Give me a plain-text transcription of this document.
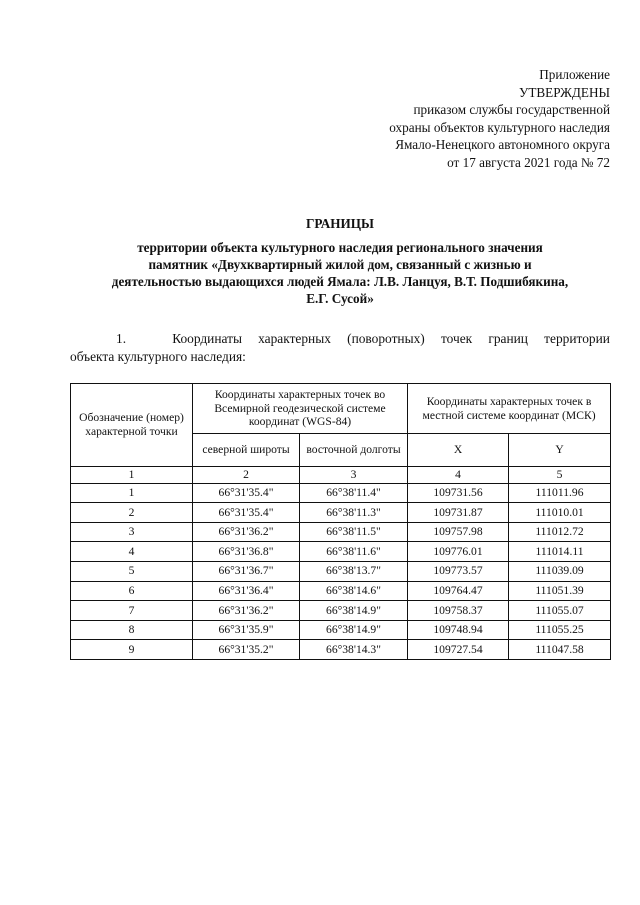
Приложение
УТВЕРЖДЕНЫ
приказом службы государственной
охраны объектов культурного наследия
Ямало-Ненецкого автономного округа
от 17 августа 2021 года № 72
ГРАНИЦЫ
территории объекта культурного наследия регионального значения
памятник «Двухквартирный жилой дом, связанный с жизнью и
деятельностью выдающихся людей Ямала: Л.В. Ланцуя, В.Т. Подшибякина,
Е.Г. Сусой»
1.	Координаты характерных (поворотных) точек границ территории
объекта культурного наследия:
Обозначение (номер) характерной точки	Координаты характерных точек во Всемирной геодезической системе координат (WGS-84)		Координаты характерных точек в местной системе координат (МСК)	
	северной широты	восточной долготы	X	Y
1	2	3	4	5
1	66°31'35.4"	66°38'11.4"	109731.56	111011.96
2	66°31'35.4"	66°38'11.3"	109731.87	111010.01
3	66°31'36.2"	66°38'11.5"	109757.98	111012.72
4	66°31'36.8"	66°38'11.6"	109776.01	111014.11
5	66°31'36.7"	66°38'13.7"	109773.57	111039.09
6	66°31'36.4"	66°38'14.6"	109764.47	111051.39
7	66°31'36.2"	66°38'14.9"	109758.37	111055.07
8	66°31'35.9"	66°38'14.9"	109748.94	111055.25
9	66°31'35.2"	66°38'14.3"	109727.54	111047.58
